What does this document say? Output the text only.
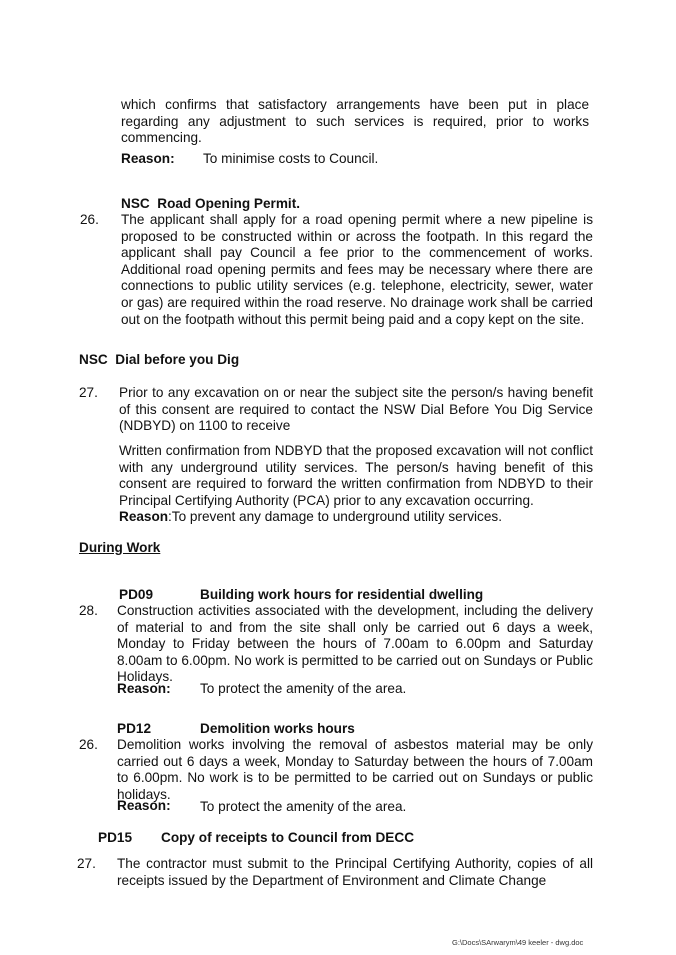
which confirms that satisfactory arrangements have been put in place regarding any adjustment to such services is required, prior to works commencing.

Reason: To minimise costs to Council.
NSC  Road Opening Permit.
26. The applicant shall apply for a road opening permit where a new pipeline is proposed to be constructed within or across the footpath. In this regard the applicant shall pay Council a fee prior to the commencement of works. Additional road opening permits and fees may be necessary where there are connections to public utility services (e.g. telephone, electricity, sewer, water or gas) are required within the road reserve. No drainage work shall be carried out on the footpath without this permit being paid and a copy kept on the site.

NSC  Dial before you Dig
27. Prior to any excavation on or near the subject site the person/s having benefit of this consent are required to contact the NSW Dial Before You Dig Service (NDBYD) on 1100 to receive

Written confirmation from NDBYD that the proposed excavation will not conflict with any underground utility services. The person/s having benefit of this consent are required to forward the written confirmation from NDBYD to their Principal Certifying Authority (PCA) prior to any excavation occurring.

Reason :To prevent any damage to underground utility services.
During Work
PD09	Building work hours for residential dwelling
28. Construction activities associated with the development, including the delivery of material to and from the site shall only be carried out 6 days a week, Monday to Friday between the hours of 7.00am to 6.00pm and Saturday 8.00am to 6.00pm. No work is permitted to be carried out on Sundays or Public Holidays.

Reason: To protect the amenity of the area.
PD12	Demolition works hours
26. Demolition works involving the removal of asbestos material may be only carried out 6 days a week, Monday to Saturday between the hours of 7.00am to 6.00pm. No work is to be permitted to be carried out on Sundays or public holidays.

Reason: To protect the amenity of the area.
PD15 Copy of receipts to Council from DECC
27. The contractor must submit to the Principal Certifying Authority, copies of all receipts issued by the Department of Environment and Climate Change

G:\Docs\SArwarym\49 keeler - dwg.doc
